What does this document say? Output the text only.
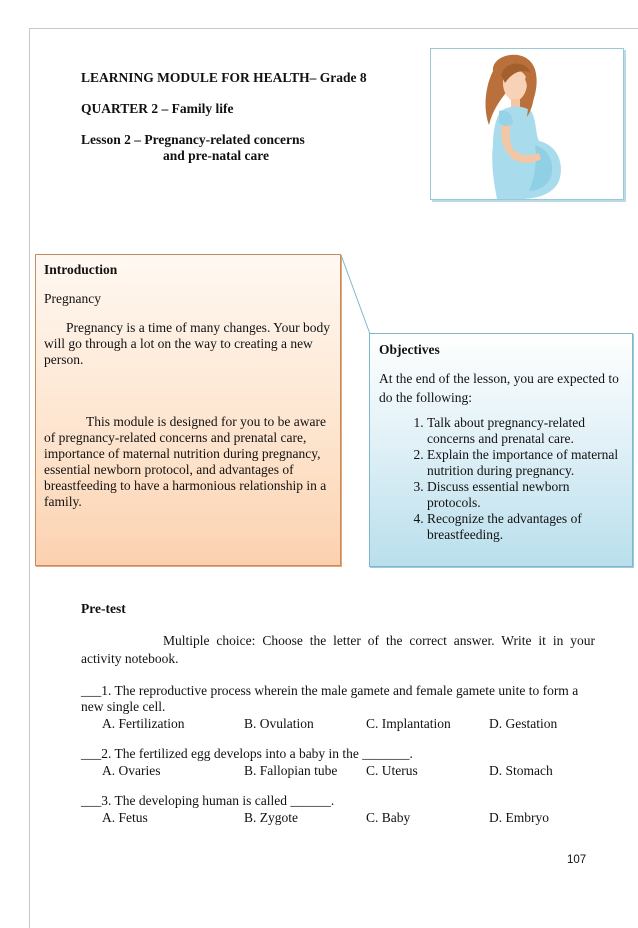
LEARNING MODULE FOR HEALTH– Grade 8

QUARTER 2 – Family life

Lesson 2 – Pregnancy-related concerns

and pre-natal care

Introduction

Pregnancy

Pregnancy is a time of many changes. Your body will go through a lot on the way to creating a new person.

This module is designed for you to be aware of pregnancy-related concerns and prenatal care, importance of maternal nutrition during pregnancy, essential newborn protocol, and advantages of breastfeeding to have a harmonious relationship in a family.

Objectives

At the end of the lesson, you are expected to do the following:

1. Talk about pregnancy-related concerns and prenatal care.
2. Explain the importance of maternal nutrition during pregnancy.
3. Discuss essential newborn protocols.
4. Recognize the advantages of breastfeeding.

Pre-test

Multiple choice: Choose the letter of the correct answer. Write it in your activity notebook.

___1. The reproductive process wherein the male gamete and female gamete unite to form a new single cell.
A. Fertilization	B. Ovulation	C. Implantation	D. Gestation
___2. The fertilized egg develops into a baby in the _______.
A. Ovaries	B. Fallopian tube	C. Uterus	D. Stomach
___3. The developing human is called ______.
A. Fetus	B. Zygote	C. Baby	D. Embryo
107
